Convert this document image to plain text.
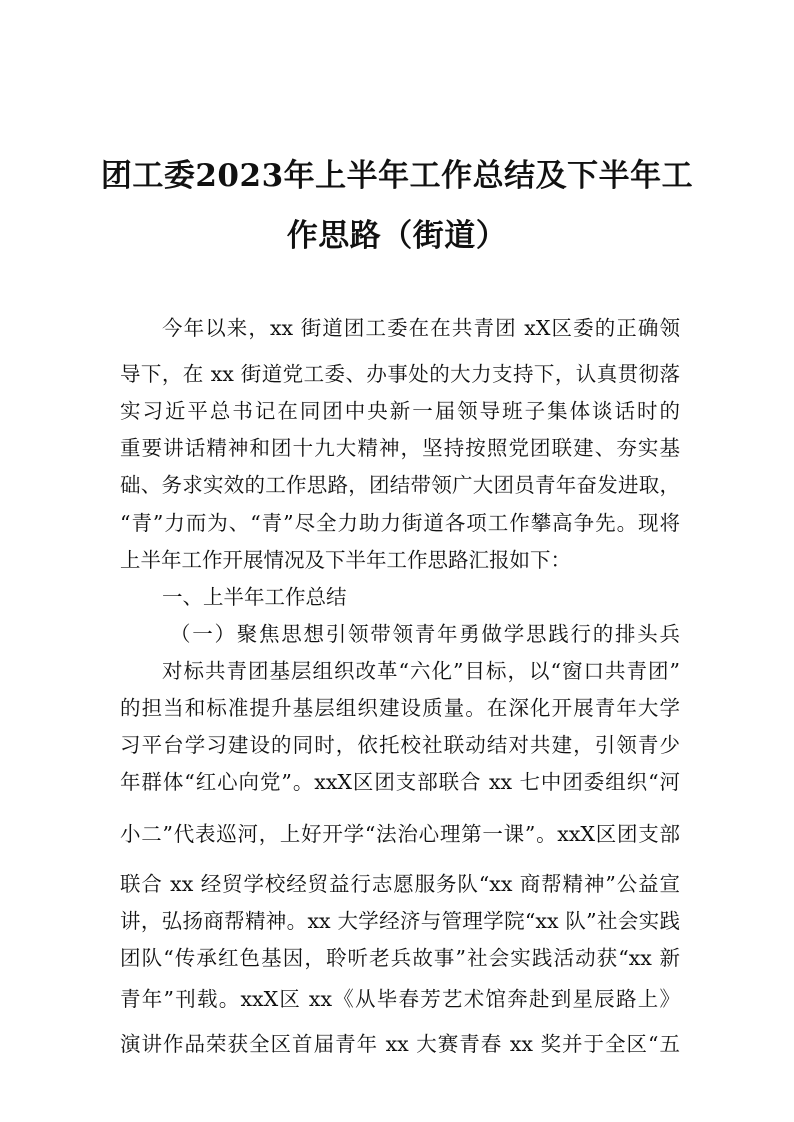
团工委2023年上半年工作总结及下半年工
作思路（街道）

今年以来，xx 街道团工委在在共青团 xX区委的正确领

导下，在 xx 街道党工委、办事处的大力支持下，认真贯彻落

实习近平总书记在同团中央新一届领导班子集体谈话时的

重要讲话精神和团十九大精神，坚持按照党团联建、夯实基

础、务求实效的工作思路，团结带领广大团员青年奋发进取，

“青”力而为、“青”尽全力助力街道各项工作攀高争先。现将

上半年工作开展情况及下半年工作思路汇报如下：

一、上半年工作总结

（一）聚焦思想引领带领青年勇做学思践行的排头兵

对标共青团基层组织改革“六化”目标，以“窗口共青团”

的担当和标准提升基层组织建设质量。在深化开展青年大学

习平台学习建设的同时，依托校社联动结对共建，引领青少

年群体“红心向党”。xxX区团支部联合 xx 七中团委组织“河

小二”代表巡河，上好开学“法治心理第一课”。xxX区团支部

联合 xx 经贸学校经贸益行志愿服务队“xx 商帮精神”公益宣

讲，弘扬商帮精神。xx 大学经济与管理学院“xx 队”社会实践

团队“传承红色基因，聆听老兵故事”社会实践活动获“xx 新

青年”刊载。xxX区 xx《从毕春芳艺术馆奔赴到星辰路上》

演讲作品荣获全区首届青年 xx 大赛青春 xx 奖并于全区“五
